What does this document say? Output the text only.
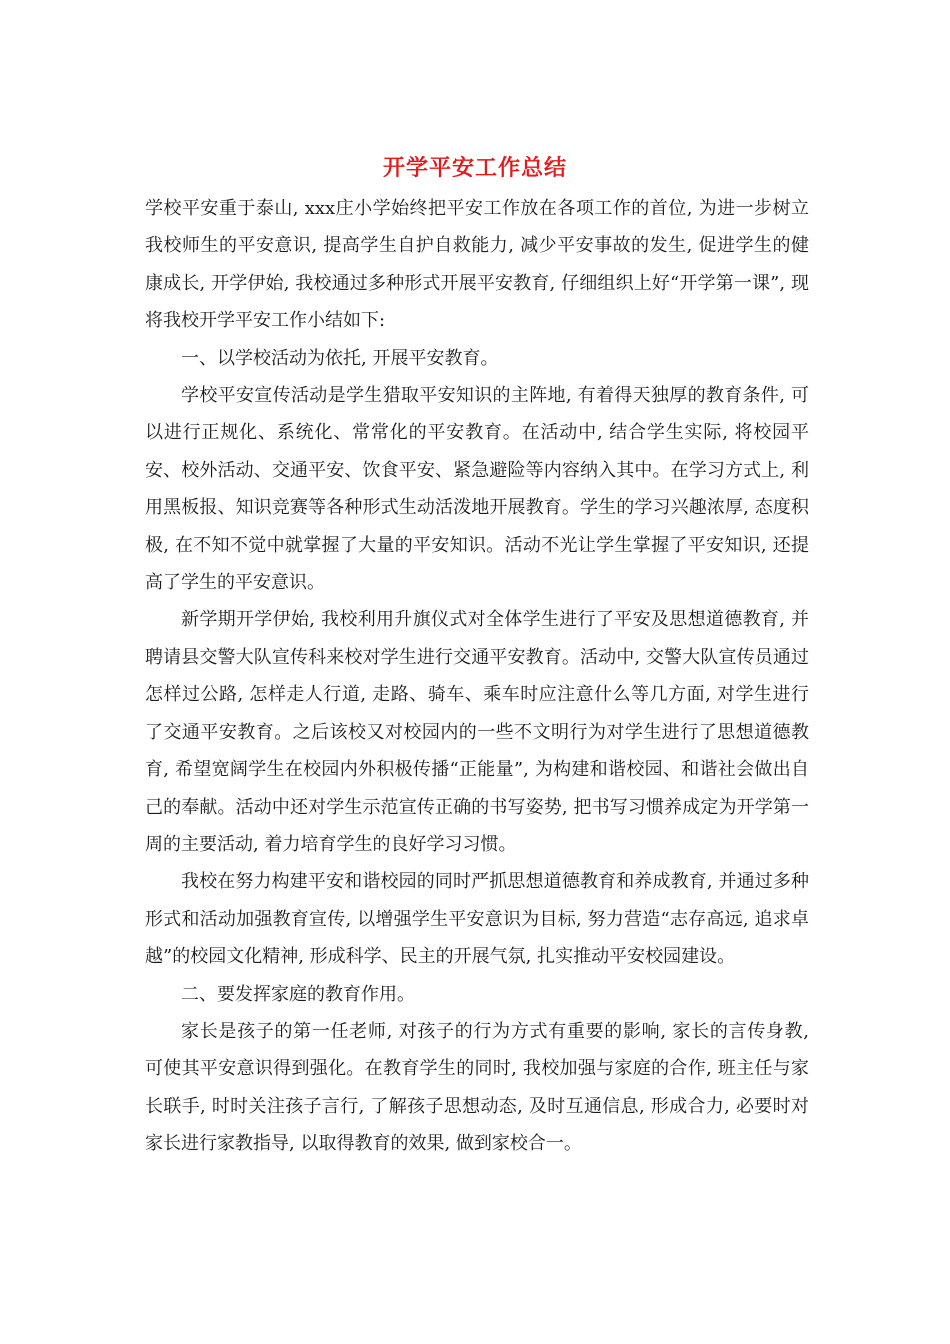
开学平安工作总结

学校平安重于泰山, xxx庄小学始终把平安工作放在各项工作的首位, 为进一步树立我校师生的平安意识, 提高学生自护自救能力, 减少平安事故的发生, 促进学生的健康成长, 开学伊始, 我校通过多种形式开展平安教育, 仔细组织上好“开学第一课”, 现将我校开学平安工作小结如下:

一、以学校活动为依托, 开展平安教育。

学校平安宣传活动是学生猎取平安知识的主阵地, 有着得天独厚的教育条件, 可以进行正规化、系统化、常常化的平安教育。在活动中, 结合学生实际, 将校园平安、校外活动、交通平安、饮食平安、紧急避险等内容纳入其中。在学习方式上, 利用黑板报、知识竞赛等各种形式生动活泼地开展教育。学生的学习兴趣浓厚, 态度积极, 在不知不觉中就掌握了大量的平安知识。活动不光让学生掌握了平安知识, 还提高了学生的平安意识。

新学期开学伊始, 我校利用升旗仪式对全体学生进行了平安及思想道德教育, 并聘请县交警大队宣传科来校对学生进行交通平安教育。活动中, 交警大队宣传员通过怎样过公路, 怎样走人行道, 走路、骑车、乘车时应注意什么等几方面, 对学生进行了交通平安教育。之后该校又对校园内的一些不文明行为对学生进行了思想道德教育, 希望宽阔学生在校园内外积极传播“正能量”, 为构建和谐校园、和谐社会做出自己的奉献。活动中还对学生示范宣传正确的书写姿势, 把书写习惯养成定为开学第一周的主要活动, 着力培育学生的良好学习习惯。

我校在努力构建平安和谐校园的同时严抓思想道德教育和养成教育, 并通过多种形式和活动加强教育宣传, 以增强学生平安意识为目标, 努力营造“志存高远, 追求卓越”的校园文化精神, 形成科学、民主的开展气氛, 扎实推动平安校园建设。

二、要发挥家庭的教育作用。

家长是孩子的第一任老师, 对孩子的行为方式有重要的影响, 家长的言传身教, 可使其平安意识得到强化。在教育学生的同时, 我校加强与家庭的合作, 班主任与家长联手, 时时关注孩子言行, 了解孩子思想动态, 及时互通信息, 形成合力, 必要时对家长进行家教指导, 以取得教育的效果, 做到家校合一。
